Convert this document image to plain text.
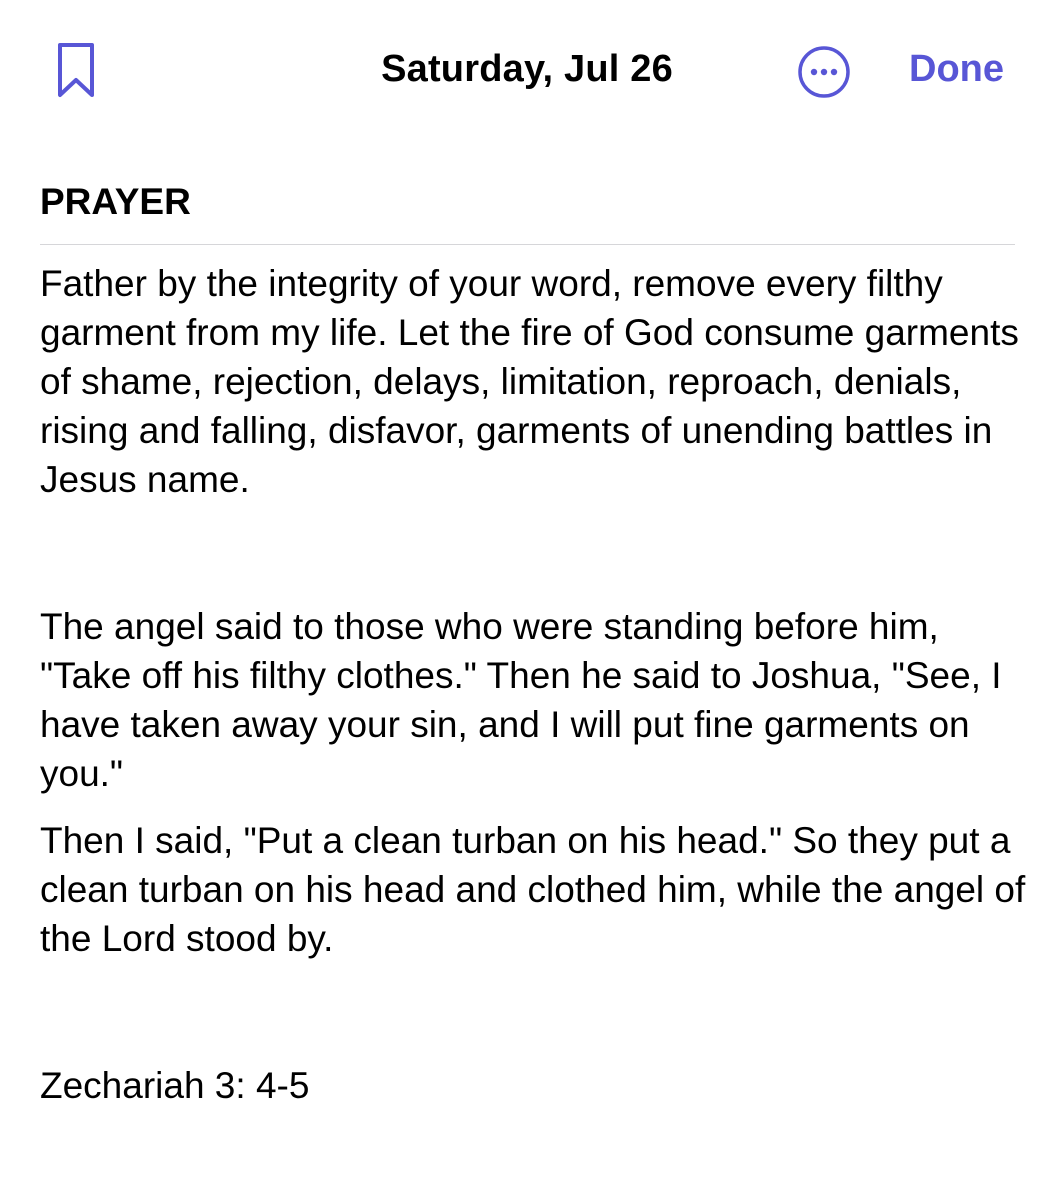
Saturday, Jul 26	Done
PRAYER

Father by the integrity of your word, remove every filthy garment from my life. Let the fire of God consume garments of shame, rejection, delays, limitation, reproach, denials, rising and falling, disfavor, garments of unending battles in Jesus name.

The angel said to those who were standing before him, "Take off his filthy clothes." Then he said to Joshua, "See, I have taken away your sin, and I will put fine garments on you."

Then I said, "Put a clean turban on his head." So they put a clean turban on his head and clothed him, while the angel of the Lord stood by.

Zechariah 3: 4-5
